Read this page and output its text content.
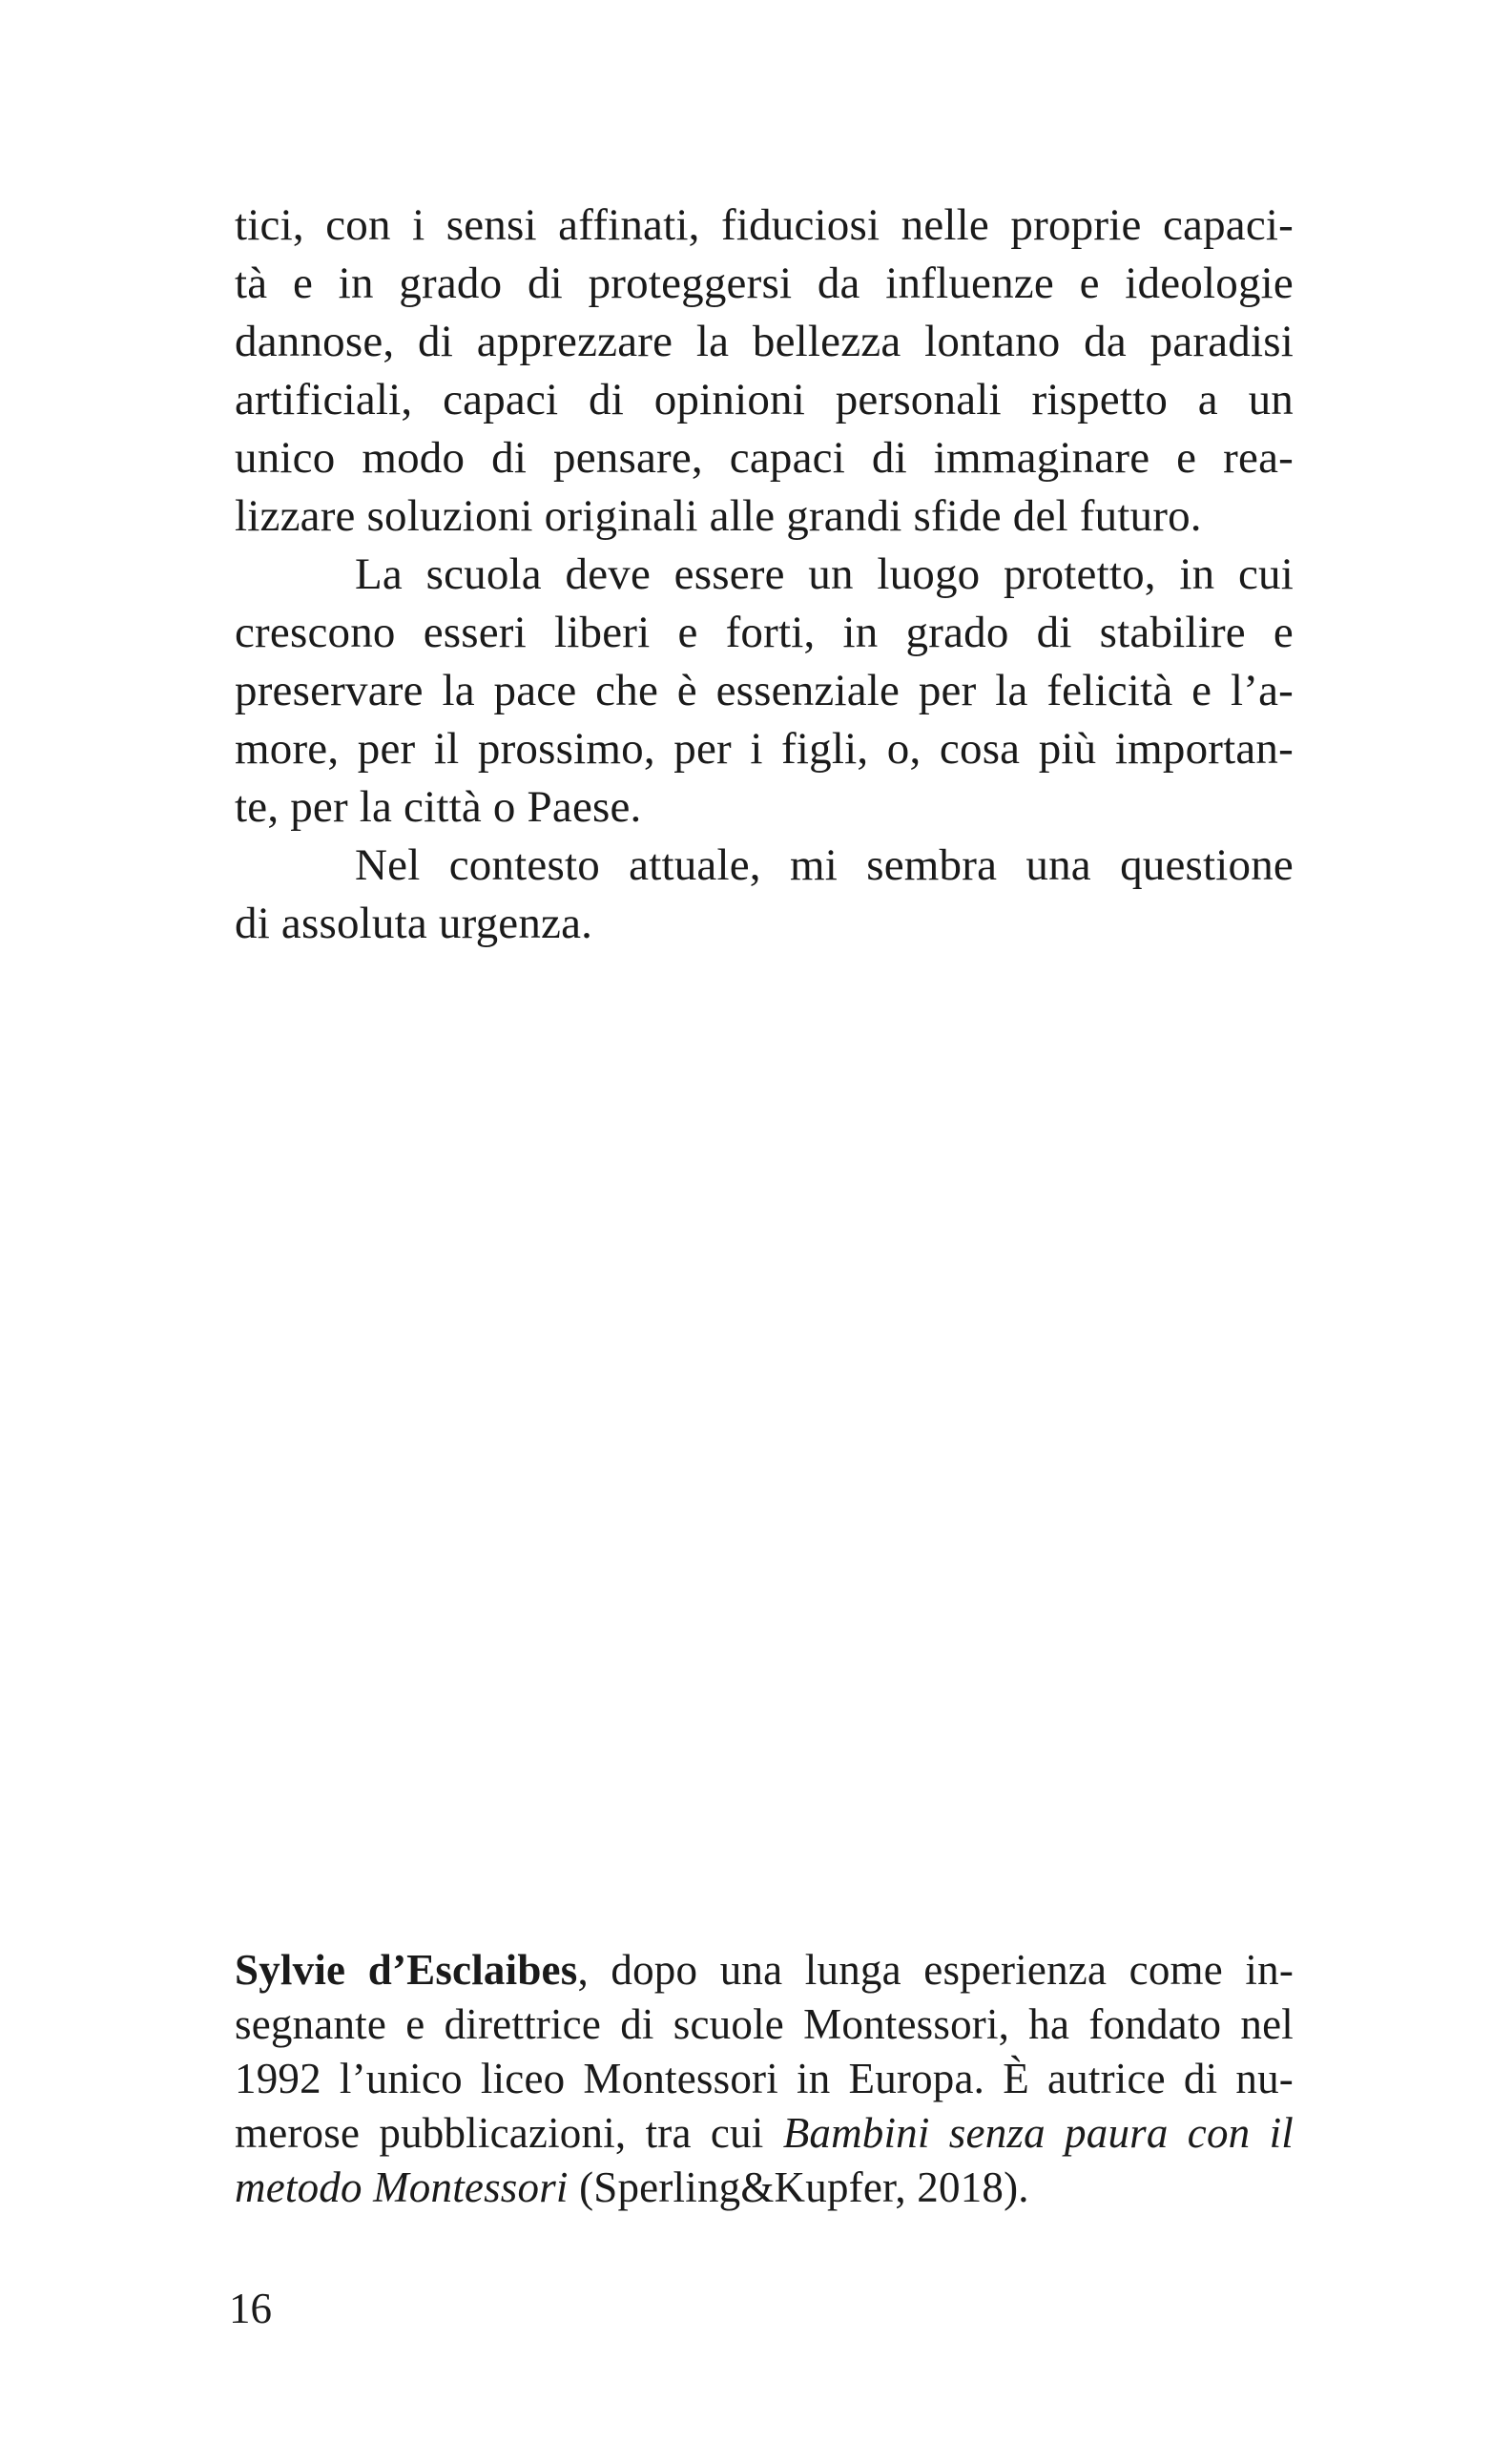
tici, con i sensi affinati, fiduciosi nelle proprie capaci-
tà e in grado di proteggersi da influenze e ideologie
dannose, di apprezzare la bellezza lontano da paradisi
artificiali, capaci di opinioni personali rispetto a un
unico modo di pensare, capaci di immaginare e rea-
lizzare soluzioni originali alle grandi sfide del futuro.
La scuola deve essere un luogo protetto, in cui
crescono esseri liberi e forti, in grado di stabilire e
preservare la pace che è essenziale per la felicità e l’a-
more, per il prossimo, per i figli, o, cosa più importan-
te, per la città o Paese.
Nel contesto attuale, mi sembra una questione
di assoluta urgenza.
Sylvie d’Esclaibes, dopo una lunga esperienza come in-
segnante e direttrice di scuole Montessori, ha fondato nel
1992 l’unico liceo Montessori in Europa. È autrice di nu-
merose pubblicazioni, tra cui Bambini senza paura con il
metodo Montessori (Sperling&Kupfer, 2018).
16
